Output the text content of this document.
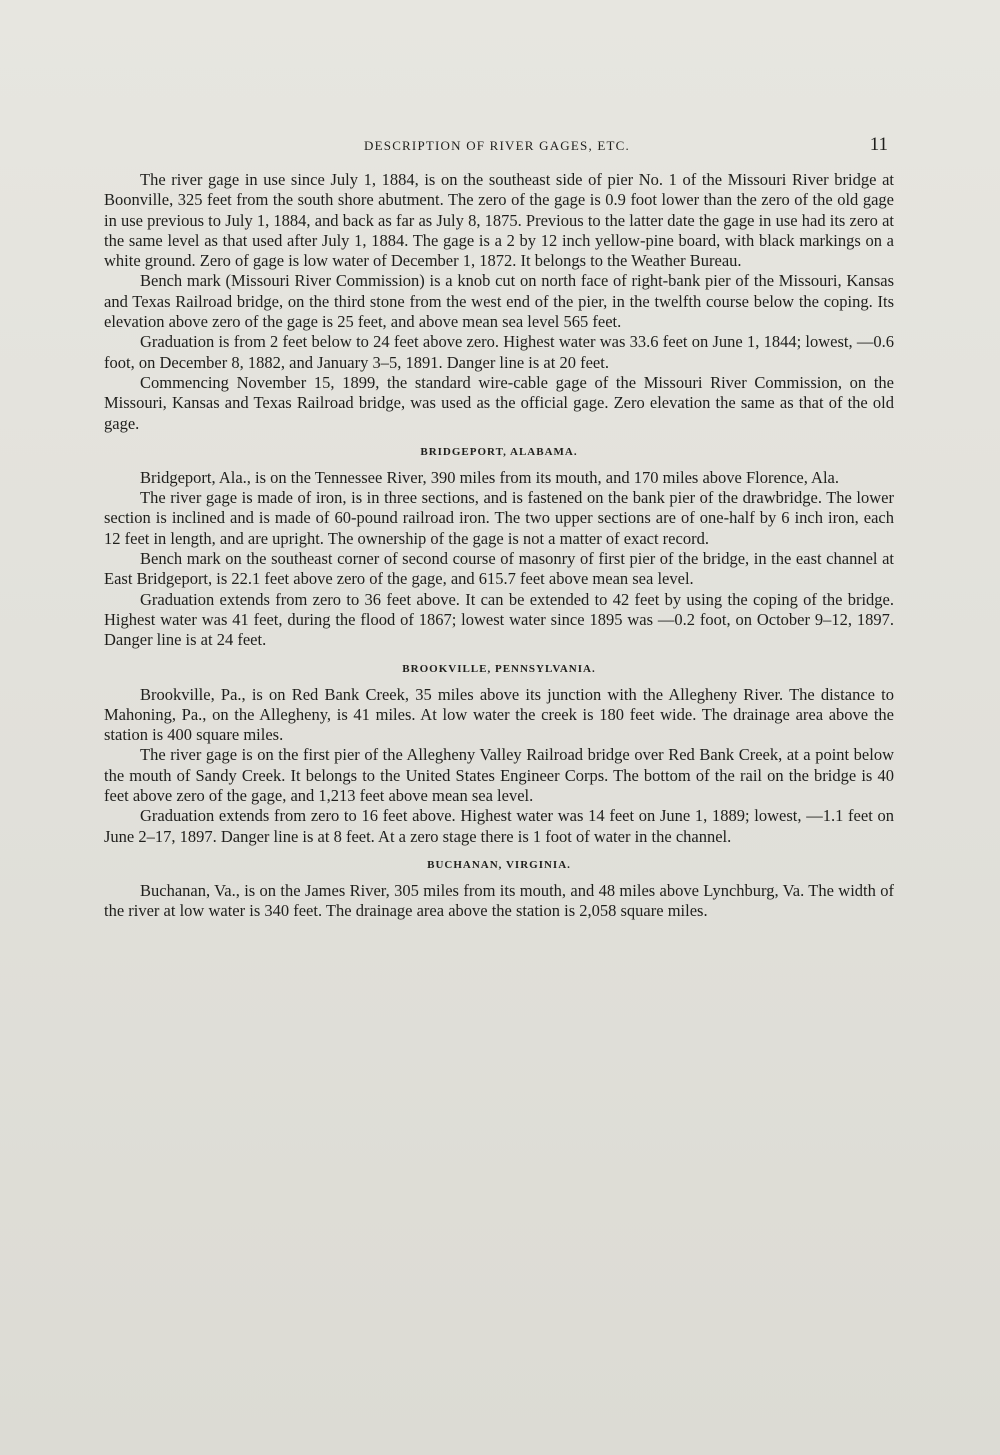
DESCRIPTION OF RIVER GAGES, ETC.	11

The river gage in use since July 1, 1884, is on the southeast side of pier No. 1 of the Missouri River bridge at Boonville, 325 feet from the south shore abutment. The zero of the gage is 0.9 foot lower than the zero of the old gage in use previous to July 1, 1884, and back as far as July 8, 1875. Previous to the latter date the gage in use had its zero at the same level as that used after July 1, 1884. The gage is a 2 by 12 inch yellow-pine board, with black markings on a white ground. Zero of gage is low water of December 1, 1872. It belongs to the Weather Bureau.

Bench mark (Missouri River Commission) is a knob cut on north face of right-bank pier of the Missouri, Kansas and Texas Railroad bridge, on the third stone from the west end of the pier, in the twelfth course below the coping. Its elevation above zero of the gage is 25 feet, and above mean sea level 565 feet.

Graduation is from 2 feet below to 24 feet above zero. Highest water was 33.6 feet on June 1, 1844; lowest, —0.6 foot, on December 8, 1882, and January 3–5, 1891. Danger line is at 20 feet.

Commencing November 15, 1899, the standard wire-cable gage of the Missouri River Commission, on the Missouri, Kansas and Texas Railroad bridge, was used as the official gage. Zero elevation the same as that of the old gage.

BRIDGEPORT, ALABAMA.

Bridgeport, Ala., is on the Tennessee River, 390 miles from its mouth, and 170 miles above Florence, Ala.

The river gage is made of iron, is in three sections, and is fastened on the bank pier of the drawbridge. The lower section is inclined and is made of 60-pound railroad iron. The two upper sections are of one-half by 6 inch iron, each 12 feet in length, and are upright. The ownership of the gage is not a matter of exact record.

Bench mark on the southeast corner of second course of masonry of first pier of the bridge, in the east channel at East Bridgeport, is 22.1 feet above zero of the gage, and 615.7 feet above mean sea level.

Graduation extends from zero to 36 feet above. It can be extended to 42 feet by using the coping of the bridge. Highest water was 41 feet, during the flood of 1867; lowest water since 1895 was —0.2 foot, on October 9–12, 1897. Danger line is at 24 feet.

BROOKVILLE, PENNSYLVANIA.

Brookville, Pa., is on Red Bank Creek, 35 miles above its junction with the Allegheny River. The distance to Mahoning, Pa., on the Allegheny, is 41 miles. At low water the creek is 180 feet wide. The drainage area above the station is 400 square miles.

The river gage is on the first pier of the Allegheny Valley Railroad bridge over Red Bank Creek, at a point below the mouth of Sandy Creek. It belongs to the United States Engineer Corps. The bottom of the rail on the bridge is 40 feet above zero of the gage, and 1,213 feet above mean sea level.

Graduation extends from zero to 16 feet above. Highest water was 14 feet on June 1, 1889; lowest, —1.1 feet on June 2–17, 1897. Danger line is at 8 feet. At a zero stage there is 1 foot of water in the channel.

BUCHANAN, VIRGINIA.

Buchanan, Va., is on the James River, 305 miles from its mouth, and 48 miles above Lynchburg, Va. The width of the river at low water is 340 feet. The drainage area above the station is 2,058 square miles.
